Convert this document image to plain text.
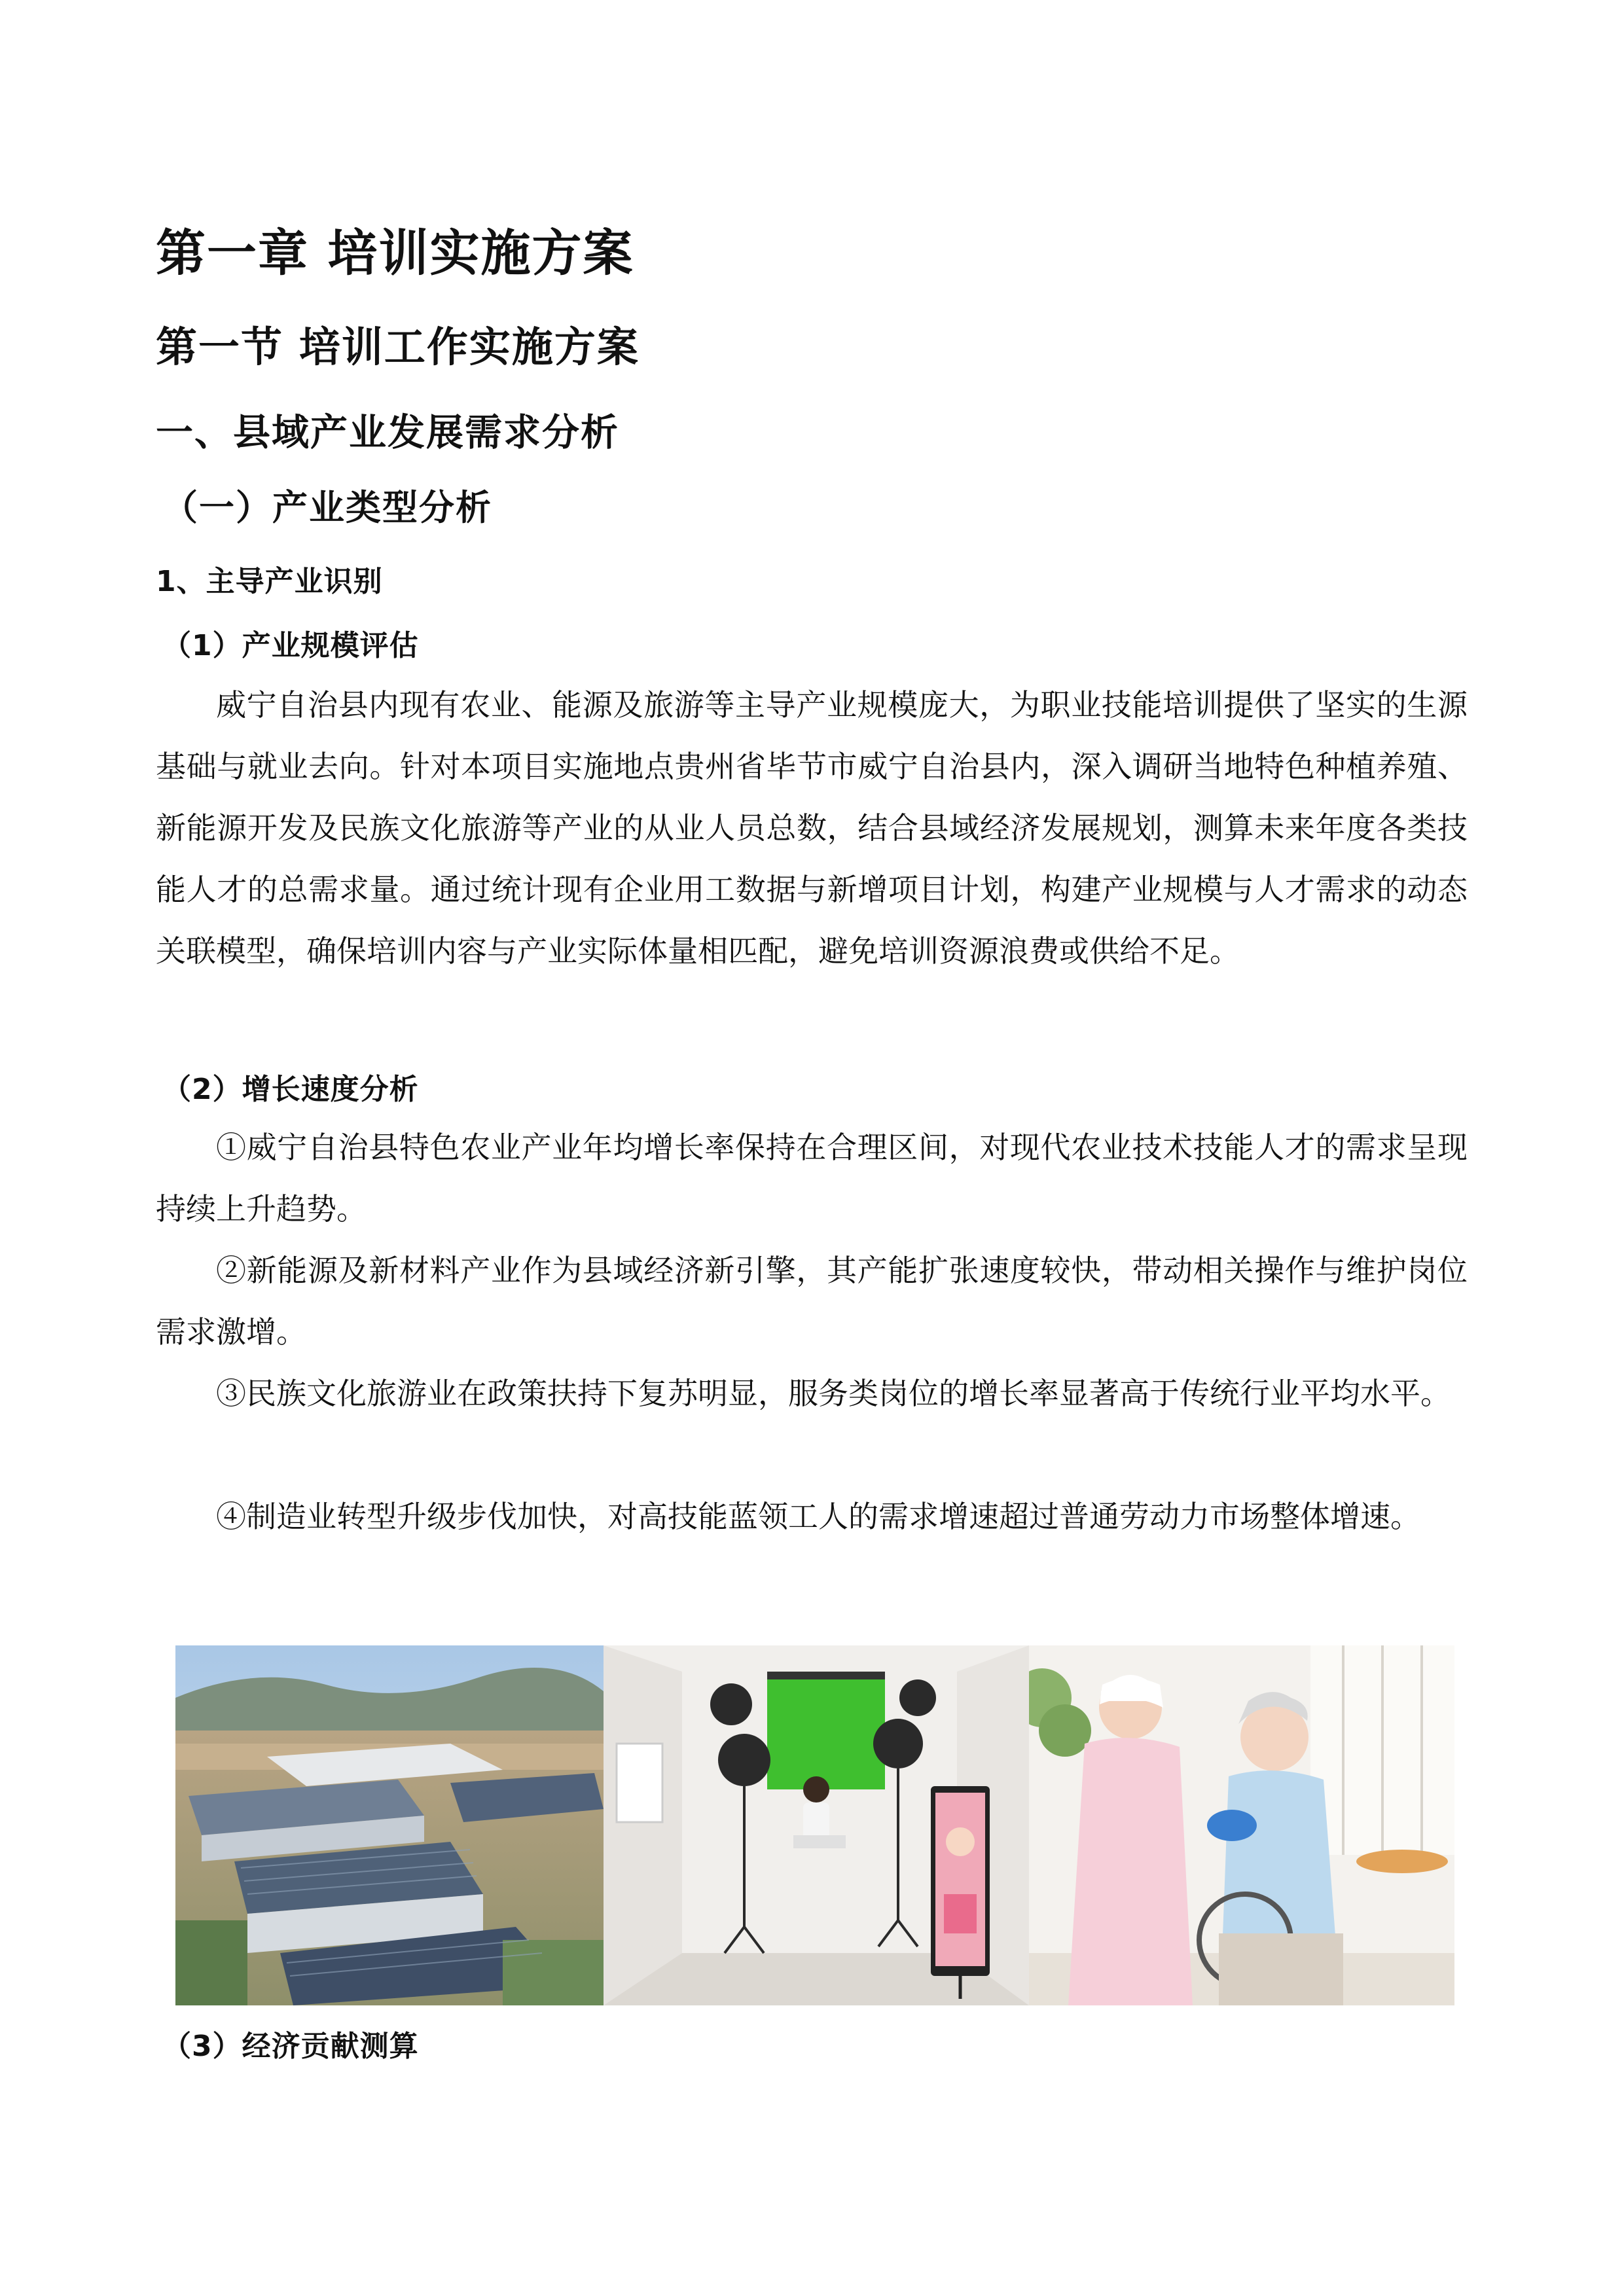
第一章 培训实施方案
第一节 培训工作实施方案
一、县域产业发展需求分析
（一）产业类型分析
1、主导产业识别
（1）产业规模评估

威宁自治县内现有农业、能源及旅游等主导产业规模庞大，为职业技能培训提供了坚实的生源基础与就业去向。针对本项目实施地点贵州省毕节市威宁自治县内，深入调研当地特色种植养殖、新能源开发及民族文化旅游等产业的从业人员总数，结合县域经济发展规划，测算未来年度各类技能人才的总需求量。通过统计现有企业用工数据与新增项目计划，构建产业规模与人才需求的动态关联模型，确保培训内容与产业实际体量相匹配，避免培训资源浪费或供给不足。

（2）增长速度分析

①威宁自治县特色农业产业年均增长率保持在合理区间，对现代农业技术技能人才的需求呈现持续上升趋势。

②新能源及新材料产业作为县域经济新引擎，其产能扩张速度较快，带动相关操作与维护岗位需求激增。

③民族文化旅游业在政策扶持下复苏明显，服务类岗位的增长率显著高于传统行业平均水平。

④制造业转型升级步伐加快，对高技能蓝领工人的需求增速超过普通劳动力市场整体增速。

（3）经济贡献测算
